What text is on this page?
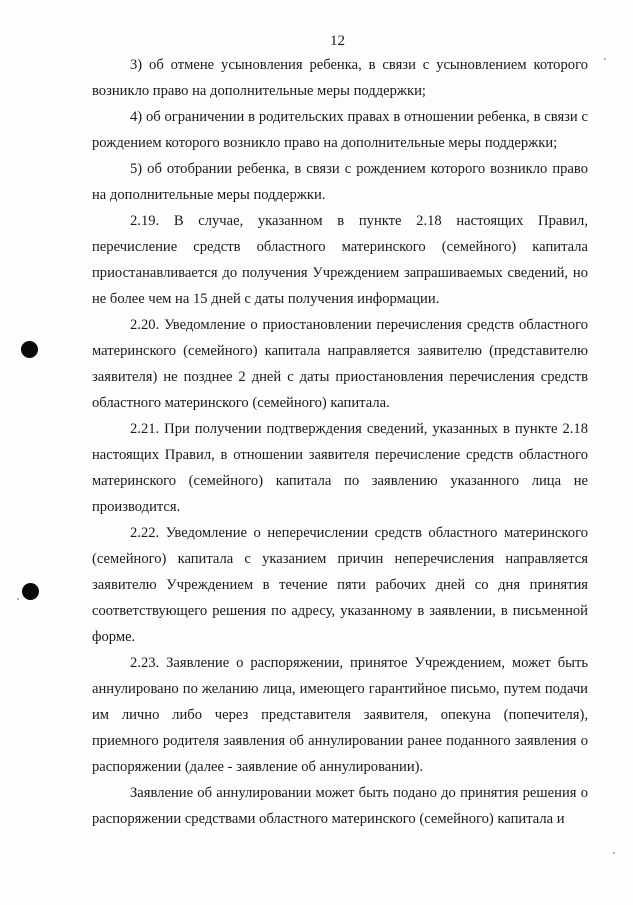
12

3) об отмене усыновления ребенка, в связи с усыновлением которого возникло право на дополнительные меры поддержки;

4) об ограничении в родительских правах в отношении ребенка, в связи с рождением которого возникло право на дополнительные меры поддержки;

5) об отобрании ребенка, в связи с рождением которого возникло право на дополнительные меры поддержки.

2.19. В случае, указанном в пункте 2.18 настоящих Правил, перечисление средств областного материнского (семейного) капитала приостанавливается до получения Учреждением запрашиваемых сведений, но не более чем на 15 дней с даты получения информации.

2.20. Уведомление о приостановлении перечисления средств областного материнского (семейного) капитала направляется заявителю (представителю заявителя) не позднее 2 дней с даты приостановления перечисления средств областного материнского (семейного) капитала.

2.21. При получении подтверждения сведений, указанных в пункте 2.18 настоящих Правил, в отношении заявителя перечисление средств областного материнского (семейного) капитала по заявлению указанного лица не производится.

2.22. Уведомление о неперечислении средств областного материнского (семейного) капитала с указанием причин неперечисления направляется заявителю Учреждением в течение пяти рабочих дней со дня принятия соответствующего решения по адресу, указанному в заявлении, в письменной форме.

2.23. Заявление о распоряжении, принятое Учреждением, может быть аннулировано по желанию лица, имеющего гарантийное письмо, путем подачи им лично либо через представителя заявителя, опекуна (попечителя), приемного родителя заявления об аннулировании ранее поданного заявления о распоряжении (далее - заявление об аннулировании).

Заявление об аннулировании может быть подано до принятия решения о распоряжении средствами областного материнского (семейного) капитала и
